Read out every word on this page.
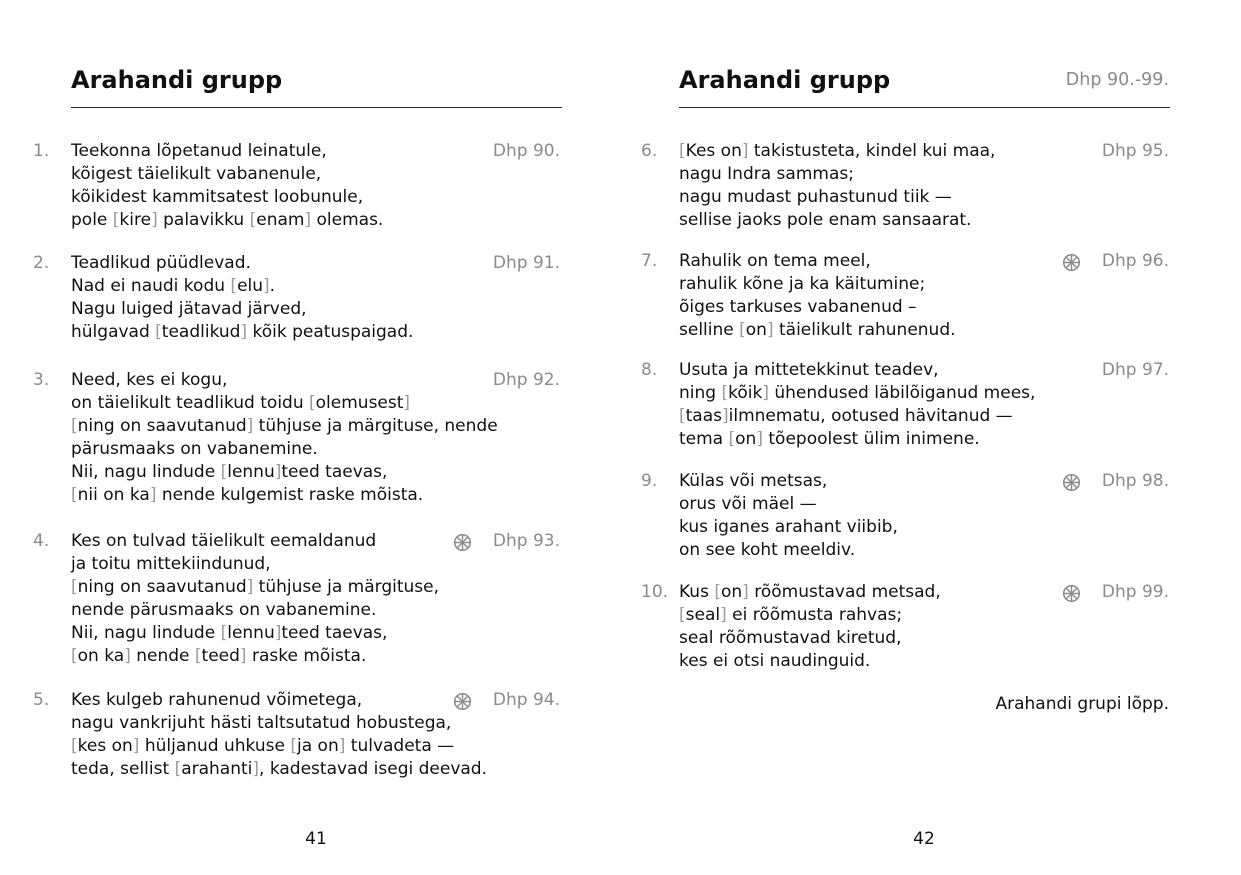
Arahandi grupp
1. Teekonna lõpetanud leinatule,
kõigest täielikult vabanenule,
kõikidest kammitsatest loobunule,
pole [kire] palavikku [enam] olemas.
Dhp 90.
2. Teadlikud püüdlevad.
Nad ei naudi kodu [elu].
Nagu luiged jätavad järved,
hülgavad [teadlikud] kõik peatuspaigad.
Dhp 91.
3. Need, kes ei kogu,
on täielikult teadlikud toidu [olemusest]
[ning on saavutanud] tühjuse ja märgituse, nende
pärusmaaks on vabanemine.
Nii, nagu lindude [lennu]teed taevas,
[nii on ka] nende kulgemist raske mõista.
Dhp 92.
4. Kes on tulvad täielikult eemaldanud
ja toitu mittekiindunud,
[ning on saavutanud] tühjuse ja märgituse,
nende pärusmaaks on vabanemine.
Nii, nagu lindude [lennu]teed taevas,
[on ka] nende [teed] raske mõista.
Dhp 93.
5. Kes kulgeb rahunenud võimetega,
nagu vankrijuht hästi taltsutatud hobustega,
[kes on] hüljanud uhkuse [ja on] tulvadeta —
teda, sellist [arahanti], kadestavad isegi deevad.
Dhp 94.
41
Arahandi grupp	Dhp 90.-99.
6. [Kes on] takistusteta, kindel kui maa,
nagu Indra sammas;
nagu mudast puhastunud tiik —
sellise jaoks pole enam sansaarat.
Dhp 95.
7. Rahulik on tema meel,
rahulik kõne ja ka käitumine;
õiges tarkuses vabanenud –
selline [on] täielikult rahunenud.
Dhp 96.
8. Usuta ja mittetekkinut teadev,
ning [kõik] ühendused läbilõiganud mees,
[taas]ilmnematu, ootused hävitanud —
tema [on] tõepoolest ülim inimene.
Dhp 97.
9. Külas või metsas,
orus või mäel —
kus iganes arahant viibib,
on see koht meeldiv.
Dhp 98.
10. Kus [on] rõõmustavad metsad,
[seal] ei rõõmusta rahvas;
seal rõõmustavad kiretud,
kes ei otsi naudinguid.
Dhp 99.
Arahandi grupi lõpp.
42
